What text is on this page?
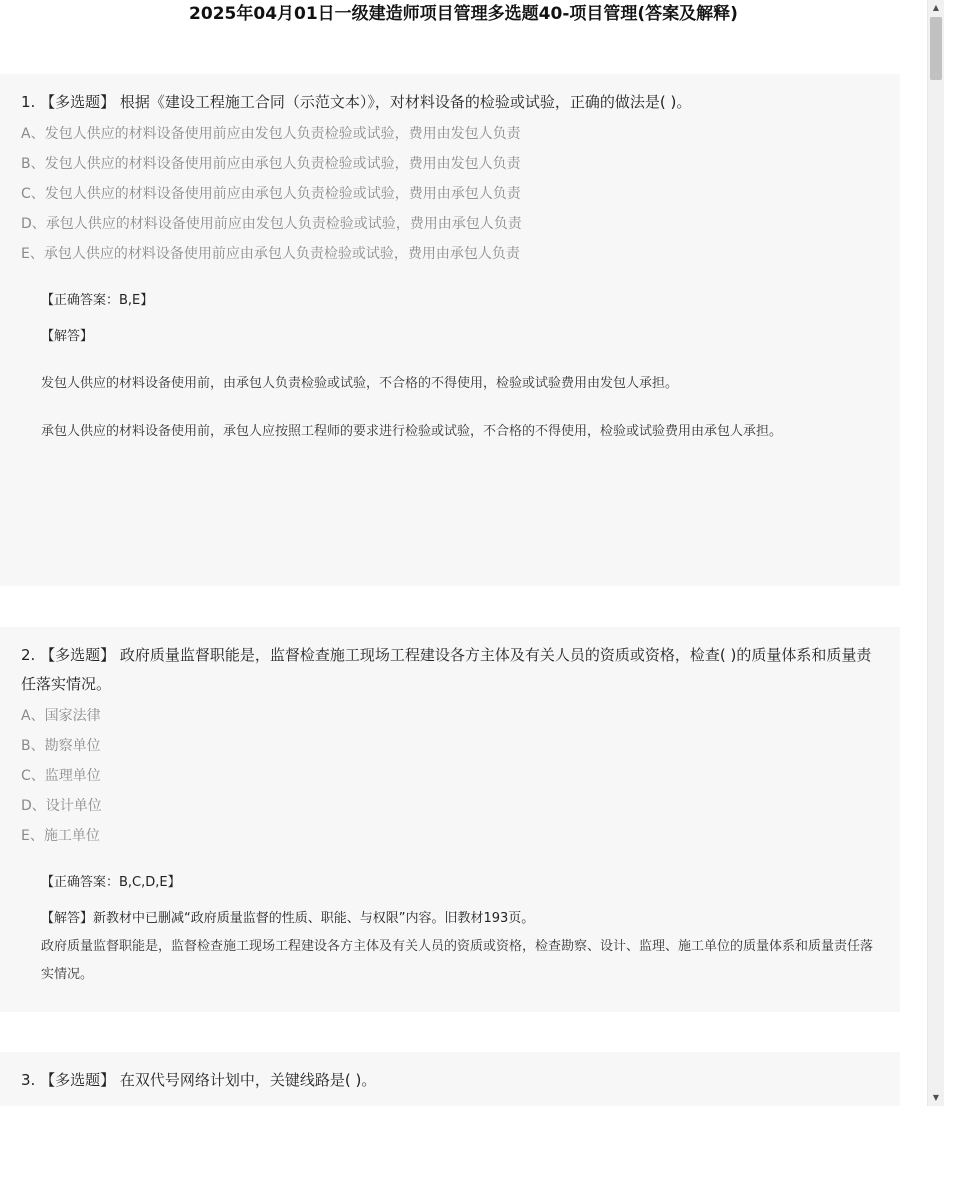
2025年04月01日一级建造师项目管理多选题40-项目管理(答案及解释)
1. 【多选题】 根据《建设工程施工合同（示范文本）》，对材料设备的检验或试验，正确的做法是( )。
A、发包人供应的材料设备使用前应由发包人负责检验或试验，费用由发包人负责
B、发包人供应的材料设备使用前应由承包人负责检验或试验，费用由发包人负责
C、发包人供应的材料设备使用前应由承包人负责检验或试验，费用由承包人负责
D、承包人供应的材料设备使用前应由发包人负责检验或试验，费用由承包人负责
E、承包人供应的材料设备使用前应由承包人负责检验或试验，费用由承包人负责
【正确答案：B,E】
【解答】

发包人供应的材料设备使用前，由承包人负责检验或试验，不合格的不得使用，检验或试验费用由发包人承担。

承包人供应的材料设备使用前，承包人应按照工程师的要求进行检验或试验，不合格的不得使用，检验或试验费用由承包人承担。

2. 【多选题】 政府质量监督职能是，监督检查施工现场工程建设各方主体及有关人员的资质或资格，检查( )的质量体系和质量责任落实情况。
A、国家法律
B、勘察单位
C、监理单位
D、设计单位
E、施工单位
【正确答案：B,C,D,E】
【解答】新教材中已删减“政府质量监督的性质、职能、与权限”内容。旧教材193页。

政府质量监督职能是，监督检查施工现场工程建设各方主体及有关人员的资质或资格，检查勘察、设计、监理、施工单位的质量体系和质量责任落实情况。

3. 【多选题】 在双代号网络计划中，关键线路是( )。
▲
▼
